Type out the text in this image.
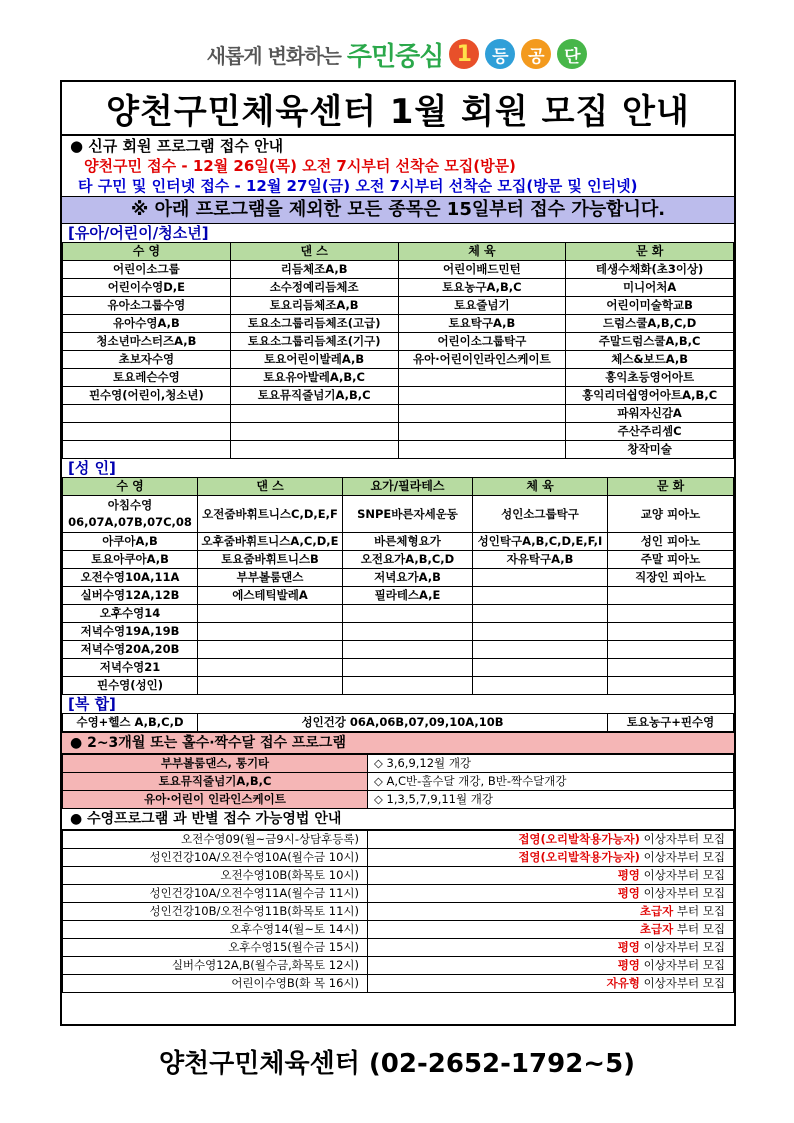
새롭게 변화하는 주민중심 1	등	공	단
양천구민체육센터 1월 회원 모집 안내
● 신규 회원 프로그램 접수 안내
양천구민 접수 - 12월 26일(목) 오전 7시부터 선착순 모집(방문)
타 구민 및 인터넷 접수 - 12월 27일(금) 오전 7시부터 선착순 모집(방문 및 인터넷)
※ 아래 프로그램을 제외한 모든 종목은 15일부터 접수 가능합니다.
[유아/어린이/청소년]
수 영	댄 스	체 육	문 화
어린이소그룹	리듬체조A,B	어린이배드민턴	테생수채화(초3이상)
어린이수영D,E	소수정예리듬체조	토요농구A,B,C	미니어처A
유아소그룹수영	토요리듬체조A,B	토요줄넘기	어린이미술학교B
유아수영A,B	토요소그룹리듬체조(고급)	토요탁구A,B	드럼스쿨A,B,C,D
청소년마스터즈A,B	토요소그룹리듬체조(기구)	어린이소그룹탁구	주말드럼스쿨A,B,C
초보자수영	토요어린이발레A,B	유아·어린이인라인스케이트	체스&보드A,B
토요레슨수영	토요유아발레A,B,C		홍익초등영어아트
핀수영(어린이,청소년)	토요뮤직줄넘기A,B,C		홍익리더쉽영어아트A,B,C
			파워자신감A
			주산주리셈C
			창작미술
[성 인]
수 영	댄 스	요가/필라테스	체 육	문 화
아침수영
06,07A,07B,07C,08	오전줌바휘트니스C,D,E,F	SNPE바른자세운동	성인소그룹탁구	교양 피아노
아쿠아A,B	오후줌바휘트니스A,C,D,E	바른체형요가	성인탁구A,B,C,D,E,F,I	성인 피아노
토요아쿠아A,B	토요줌바휘트니스B	오전요가A,B,C,D	자유탁구A,B	주말 피아노
오전수영10A,11A	부부볼룸댄스	저녁요가A,B		직장인 피아노
실버수영12A,12B	에스테틱발레A	필라테스A,E		
오후수영14				
저녁수영19A,19B				
저녁수영20A,20B				
저녁수영21				
핀수영(성인)				
[복 합]
수영+헬스 A,B,C,D	성인건강 06A,06B,07,09,10A,10B	토요농구+핀수영
● 2~3개월 또는 홀수·짝수달 접수 프로그램
부부볼룸댄스, 통기타	◇ 3,6,9,12월 개강
토요뮤직줄넘기A,B,C	◇ A,C반-홀수달 개강, B반-짝수달개강
유아·어린이 인라인스케이트	◇ 1,3,5,7,9,11월 개강
● 수영프로그램 과 반별 접수 가능영법 안내
오전수영09(월~금9시-상담후등록)	접영(오리발착용가능자) 이상자부터 모집
성인건강10A/오전수영10A(월수금 10시)	접영(오리발착용가능자) 이상자부터 모집
오전수영10B(화목토 10시)	평영 이상자부터 모집
성인건강10A/오전수영11A(월수금 11시)	평영 이상자부터 모집
성인건강10B/오전수영11B(화목토 11시)	초급자 부터 모집
오후수영14(월~토 14시)	초급자 부터 모집
오후수영15(월수금 15시)	평영 이상자부터 모집
실버수영12A,B(월수금,화목토 12시)	평영 이상자부터 모집
어린이수영B(화 목 16시)	자유형 이상자부터 모집
양천구민체육센터 (02-2652-1792~5)
